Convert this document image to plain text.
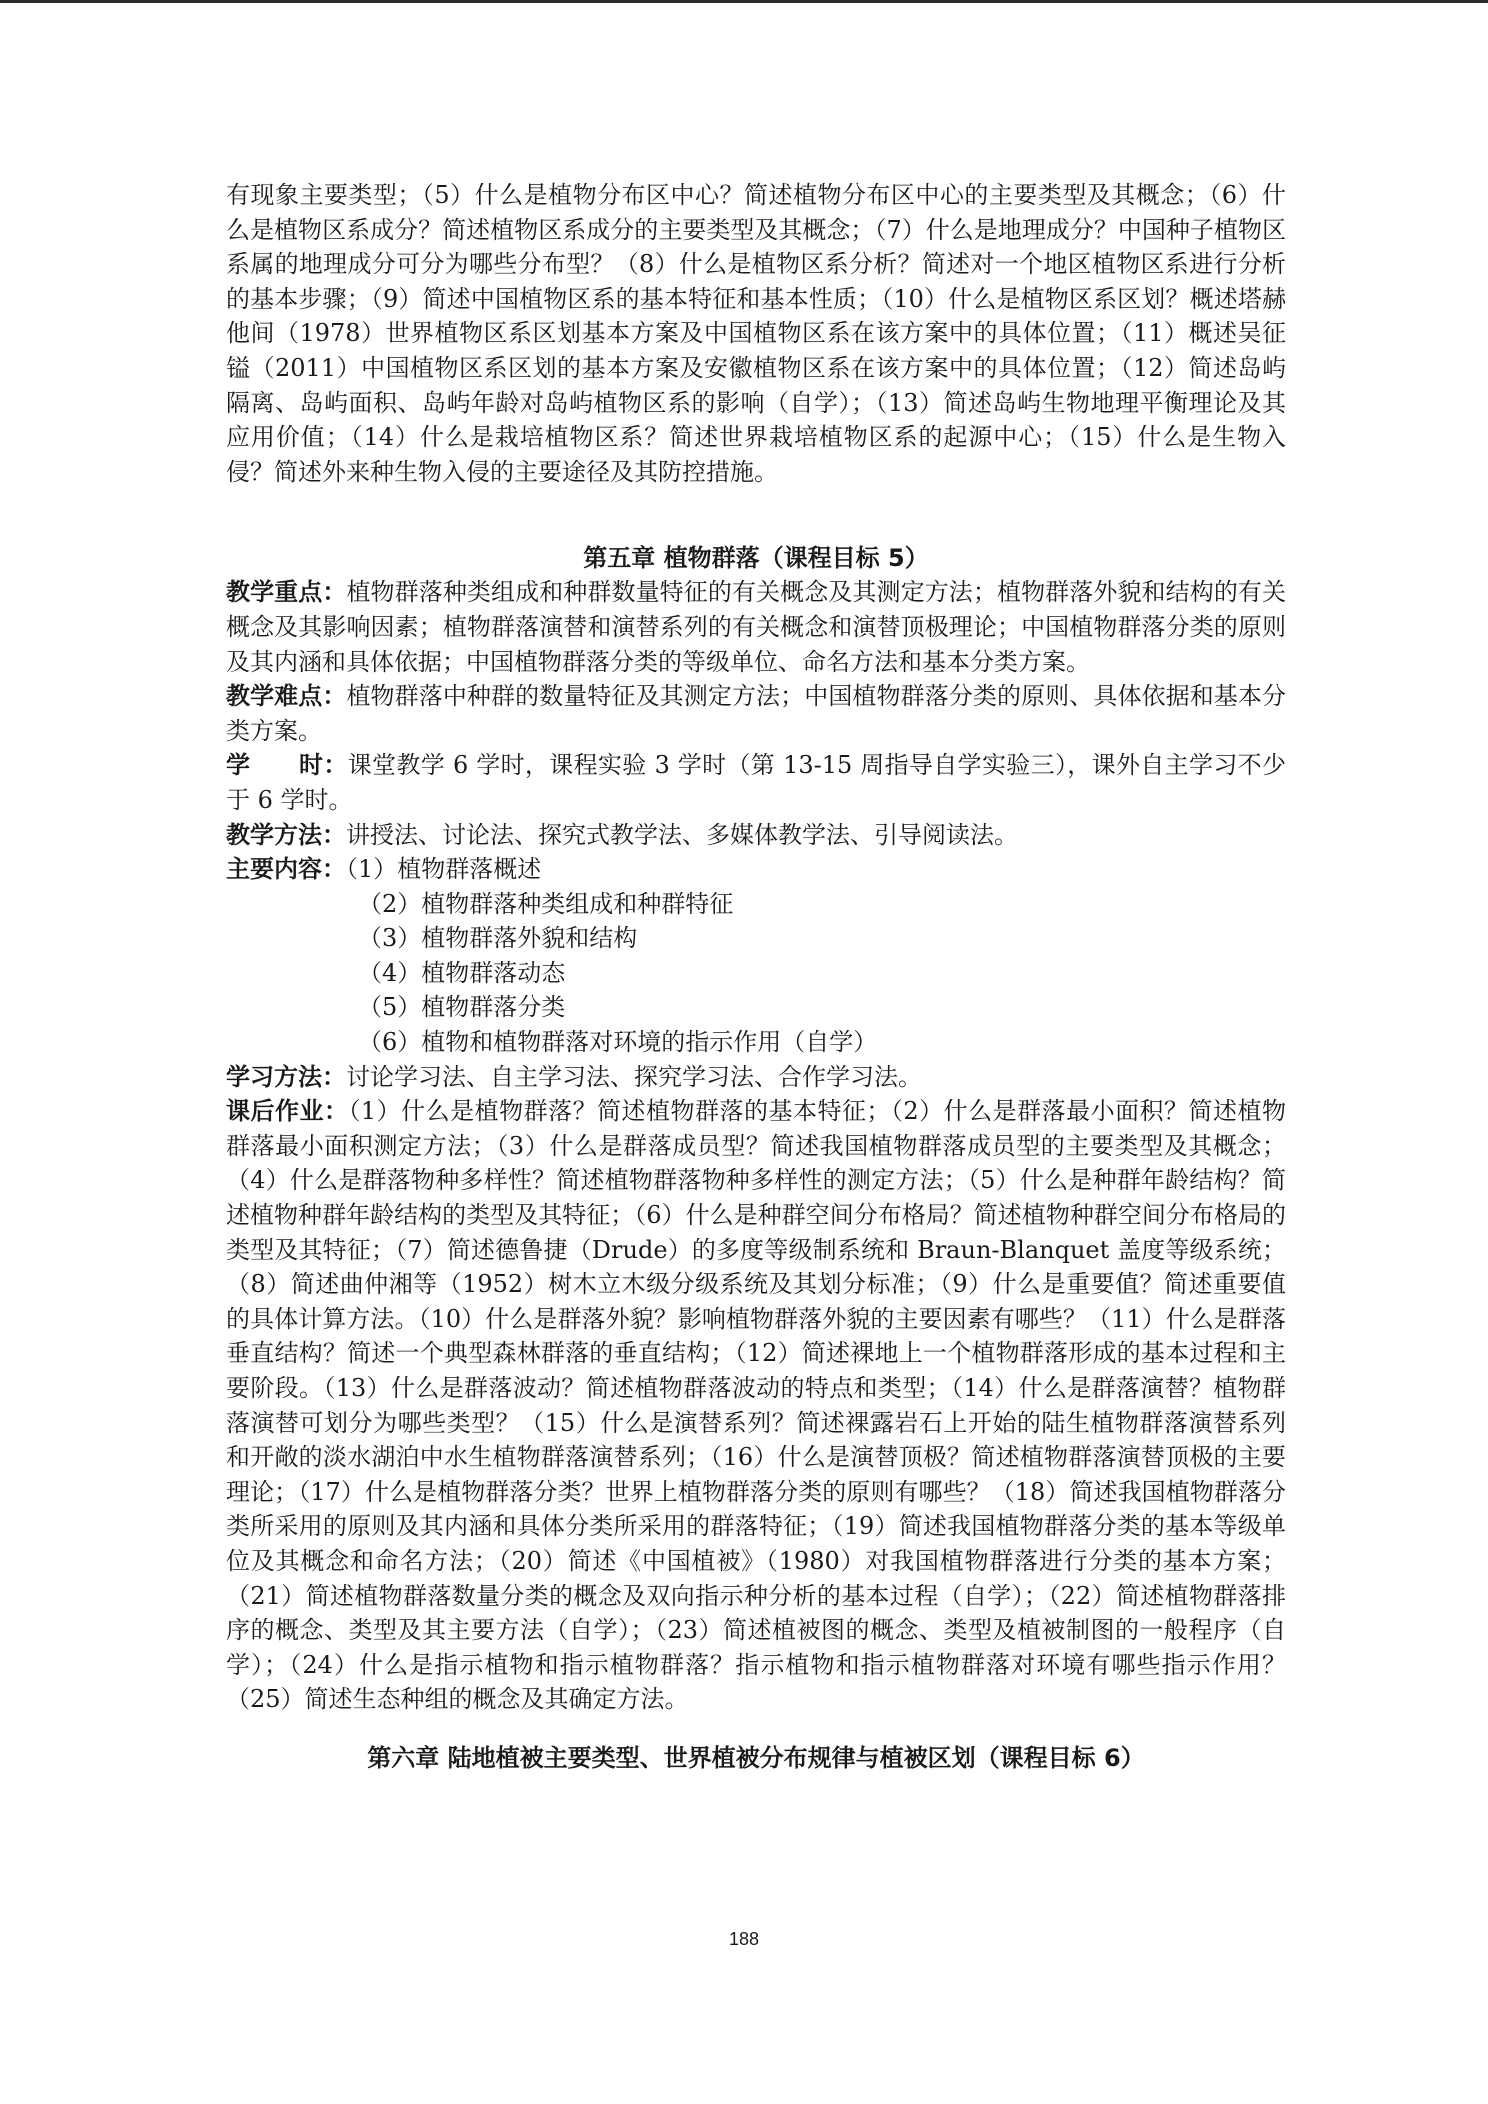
有现象主要类型；（5）什么是植物分布区中心？简述植物分布区中心的主要类型及其概念；（6）什么是植物区系成分？简述植物区系成分的主要类型及其概念；（7）什么是地理成分？中国种子植物区系属的地理成分可分为哪些分布型？（8）什么是植物区系分析？简述对一个地区植物区系进行分析的基本步骤；（9）简述中国植物区系的基本特征和基本性质；（10）什么是植物区系区划？概述塔赫他间（1978）世界植物区系区划基本方案及中国植物区系在该方案中的具体位置；（11）概述吴征镒（2011）中国植物区系区划的基本方案及安徽植物区系在该方案中的具体位置；（12）简述岛屿隔离、岛屿面积、岛屿年龄对岛屿植物区系的影响（自学）；（13）简述岛屿生物地理平衡理论及其应用价值；（14）什么是栽培植物区系？简述世界栽培植物区系的起源中心；（15）什么是生物入侵？简述外来种生物入侵的主要途径及其防控措施。

第五章 植物群落（课程目标 5）

教学重点：植物群落种类组成和种群数量特征的有关概念及其测定方法；植物群落外貌和结构的有关概念及其影响因素；植物群落演替和演替系列的有关概念和演替顶极理论；中国植物群落分类的原则及其内涵和具体依据；中国植物群落分类的等级单位、命名方法和基本分类方案。

教学难点：植物群落中种群的数量特征及其测定方法；中国植物群落分类的原则、具体依据和基本分类方案。

学　　时：课堂教学 6 学时，课程实验 3 学时（第 13-15 周指导自学实验三），课外自主学习不少于 6 学时。

教学方法：讲授法、讨论法、探究式教学法、多媒体教学法、引导阅读法。

主要内容：（1）植物群落概述

（2）植物群落种类组成和种群特征
（3）植物群落外貌和结构
（4）植物群落动态
（5）植物群落分类
（6）植物和植物群落对环境的指示作用（自学）

学习方法：讨论学习法、自主学习法、探究学习法、合作学习法。

课后作业：（1）什么是植物群落？简述植物群落的基本特征；（2）什么是群落最小面积？简述植物群落最小面积测定方法；（3）什么是群落成员型？简述我国植物群落成员型的主要类型及其概念；（4）什么是群落物种多样性？简述植物群落物种多样性的测定方法；（5）什么是种群年龄结构？简述植物种群年龄结构的类型及其特征；（6）什么是种群空间分布格局？简述植物种群空间分布格局的类型及其特征；（7）简述德鲁捷（Drude）的多度等级制系统和 Braun-Blanquet 盖度等级系统；（8）简述曲仲湘等（1952）树木立木级分级系统及其划分标准；（9）什么是重要值？简述重要值的具体计算方法。（10）什么是群落外貌？影响植物群落外貌的主要因素有哪些？（11）什么是群落垂直结构？简述一个典型森林群落的垂直结构；（12）简述裸地上一个植物群落形成的基本过程和主要阶段。（13）什么是群落波动？简述植物群落波动的特点和类型；（14）什么是群落演替？植物群落演替可划分为哪些类型？（15）什么是演替系列？简述裸露岩石上开始的陆生植物群落演替系列和开敞的淡水湖泊中水生植物群落演替系列；（16）什么是演替顶极？简述植物群落演替顶极的主要理论；（17）什么是植物群落分类？世界上植物群落分类的原则有哪些？（18）简述我国植物群落分类所采用的原则及其内涵和具体分类所采用的群落特征；（19）简述我国植物群落分类的基本等级单位及其概念和命名方法；（20）简述《中国植被》（1980）对我国植物群落进行分类的基本方案；（21）简述植物群落数量分类的概念及双向指示种分析的基本过程（自学）；（22）简述植物群落排序的概念、类型及其主要方法（自学）；（23）简述植被图的概念、类型及植被制图的一般程序（自学）；（24）什么是指示植物和指示植物群落？指示植物和指示植物群落对环境有哪些指示作用？（25）简述生态种组的概念及其确定方法。

第六章 陆地植被主要类型、世界植被分布规律与植被区划（课程目标 6）
188
